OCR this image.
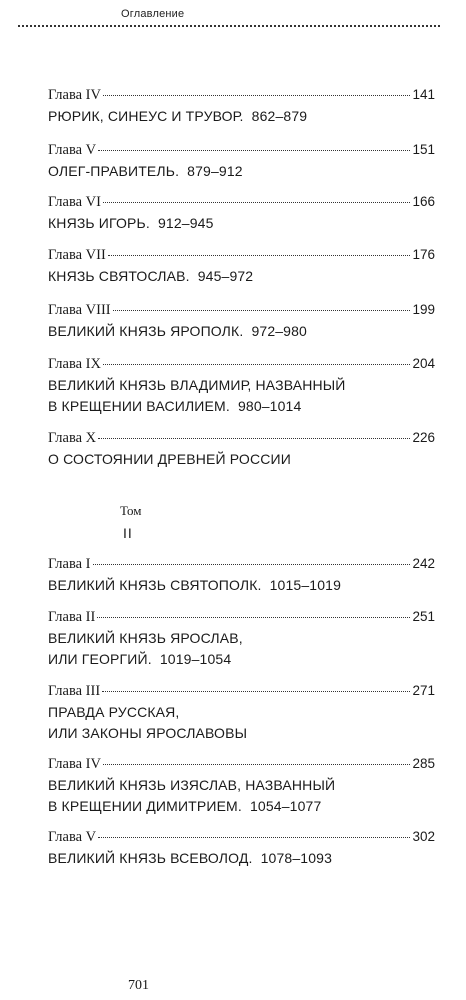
Оглавление
Глава IV	141
РЮРИК, СИНЕУС И ТРУВОР.  862–879
Глава V	151
ОЛЕГ-ПРАВИТЕЛЬ.  879–912
Глава VI	166
КНЯЗЬ ИГОРЬ.  912–945
Глава VII	176
КНЯЗЬ СВЯТОСЛАВ.  945–972
Глава VIII	199
ВЕЛИКИЙ КНЯЗЬ ЯРОПОЛК.  972–980
Глава IX	204
ВЕЛИКИЙ КНЯЗЬ ВЛАДИМИР, НАЗВАННЫЙ
В КРЕЩЕНИИ ВАСИЛИЕМ.  980–1014
Глава X	226
О СОСТОЯНИИ ДРЕВНЕЙ РОССИИ
Том
II
Глава I	242
ВЕЛИКИЙ КНЯЗЬ СВЯТОПОЛК.  1015–1019
Глава II	251
ВЕЛИКИЙ КНЯЗЬ ЯРОСЛАВ,
ИЛИ ГЕОРГИЙ.  1019–1054
Глава III	271
ПРАВДА РУССКАЯ,
ИЛИ ЗАКОНЫ ЯРОСЛАВОВЫ
Глава IV	285
ВЕЛИКИЙ КНЯЗЬ ИЗЯСЛАВ, НАЗВАННЫЙ
В КРЕЩЕНИИ ДИМИТРИЕМ.  1054–1077
Глава V	302
ВЕЛИКИЙ КНЯЗЬ ВСЕВОЛОД.  1078–1093
701
